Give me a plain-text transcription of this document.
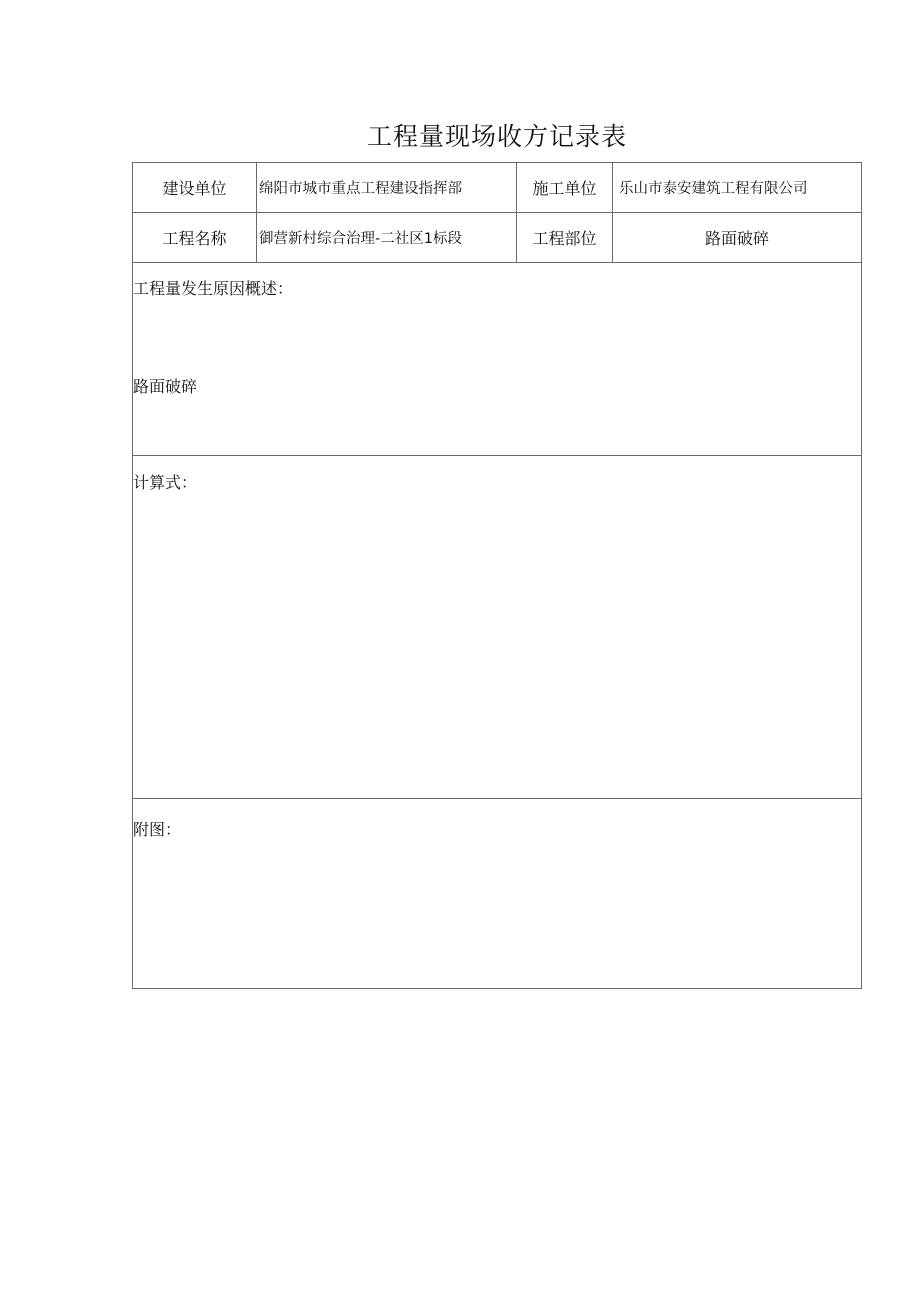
工程量现场收方记录表
建设单位	绵阳市城市重点工程建设指挥部	施工单位	乐山市泰安建筑工程有限公司
工程名称	御营新村综合治理-二社区1标段	工程部位	路面破碎
工程量发生原因概述：
路面破碎
计算式：
附图：
